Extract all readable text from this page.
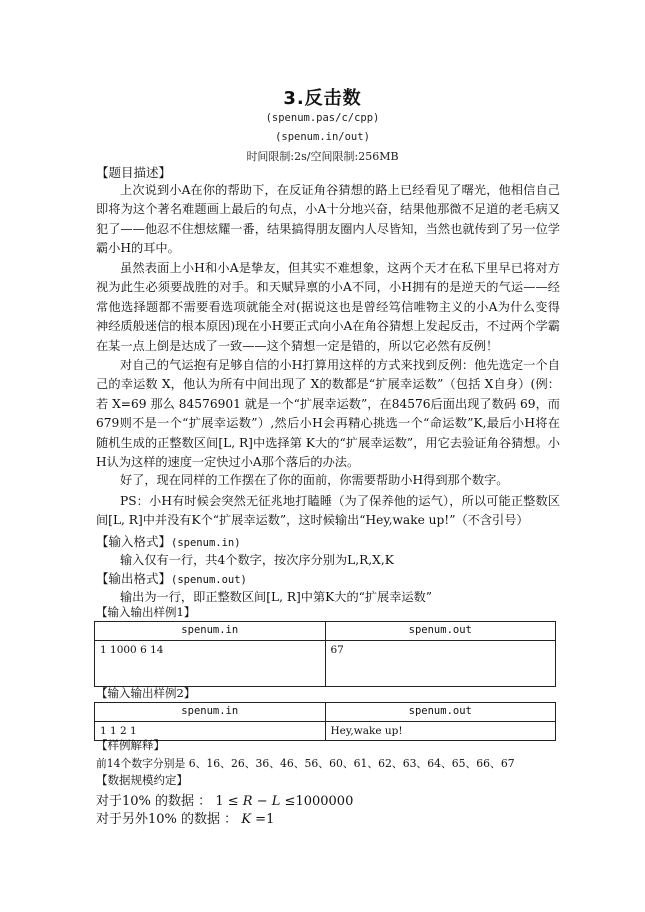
3.反击数
(spenum.pas/c/cpp)
(spenum.in/out)
时间限制:2s/空间限制:256MB
【题目描述】

上次说到小A在你的帮助下，在反证角谷猜想的路上已经看见了曙光，他相信自己即将为这个著名难题画上最后的句点，小A十分地兴奋，结果他那微不足道的老毛病又犯了——他忍不住想炫耀一番，结果搞得朋友圈内人尽皆知，当然也就传到了另一位学霸小H的耳中。

虽然表面上小H和小A是挚友，但其实不难想象，这两个天才在私下里早已将对方视为此生必须要战胜的对手。和天赋异禀的小A不同，小H拥有的是逆天的气运——经常他选择题都不需要看选项就能全对(据说这也是曾经笃信唯物主义的小A为什么变得神经质般迷信的根本原因)现在小H要正式向小A在角谷猜想上发起反击，不过两个学霸在某一点上倒是达成了一致——这个猜想一定是错的，所以它必然有反例！

对自己的气运抱有足够自信的小H打算用这样的方式来找到反例：他先选定一个自己的幸运数 X，他认为所有中间出现了 X的数都是“扩展幸运数”（包括 X自身）(例：若 X=69 那么 84576901 就是一个“扩展幸运数”，在84576后面出现了数码 69，而 679则不是一个“扩展幸运数”）,然后小H会再精心挑选一个“命运数”K,最后小H将在随机生成的正整数区间[L, R]中选择第 K大的“扩展幸运数”，用它去验证角谷猜想。小H认为这样的速度一定快过小A那个落后的办法。

好了，现在同样的工作摆在了你的面前，你需要帮助小H得到那个数字。

PS：小H有时候会突然无征兆地打瞌睡（为了保养他的运气），所以可能正整数区间[L, R]中并没有K个“扩展幸运数”，这时候输出“Hey,wake up!”（不含引号）

【输入格式】(spenum.in)

输入仅有一行，共4个数字，按次序分别为L,R,X,K

【输出格式】(spenum.out)

输出为一行，即正整数区间[L, R]中第K大的“扩展幸运数”

【输入输出样例1】
spenum.in	spenum.out
1 1000 6 14	67
【输入输出样例2】
spenum.in	spenum.out
1 1 2 1	Hey,wake up!
【样例解释】
前14个数字分别是 6、16、26、36、46、56、60、61、62、63、64、65、66、67
【数据规模约定】
对于10% 的数据 ： 1 ≤ R − L ≤1000000
对于另外10% 的数据 ： K =1
